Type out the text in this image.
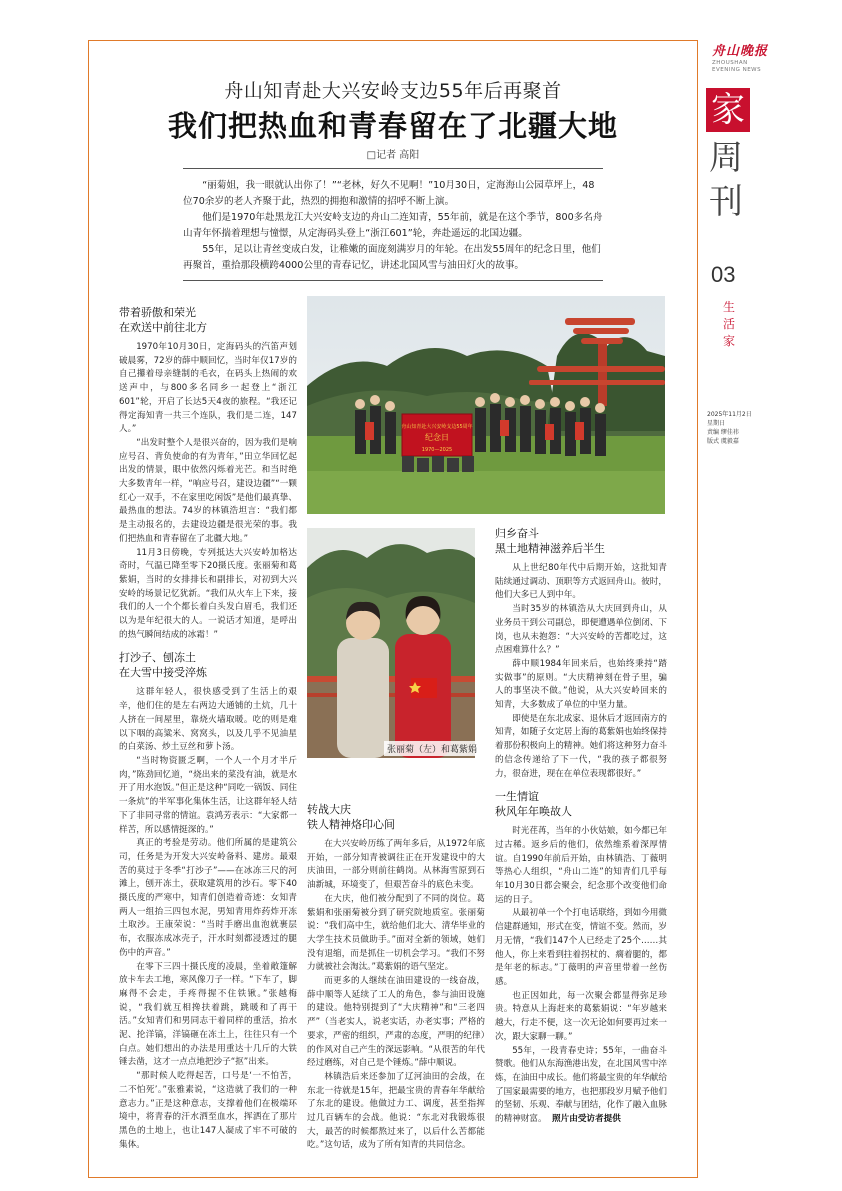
舟山晚报
ZHOUSHAN
EVENING NEWS
家
周
刊
03
生
活
家
2025年11月2日
星期日
责编 缪佳祎
版式 虞毅嘉
舟山知青赴大兴安岭支边55年后再聚首
我们把热血和青春留在了北疆大地
□记者 高阳

“丽菊姐，我一眼就认出你了！”“老林，好久不见啊！”10月30日，定海海山公园草坪上，48位70余岁的老人齐聚于此，热烈的拥抱和激情的招呼不断上演。

他们是1970年赴黑龙江大兴安岭支边的舟山二连知青，55年前，就是在这个季节，800多名舟山青年怀揣着理想与憧憬，从定海码头登上“浙江601”轮，奔赴遥远的北国边疆。

55年，足以让青丝变成白发，让稚嫩的面庞刻满岁月的年轮。在出发55周年的纪念日里，他们再聚首，重拾那段横跨4000公里的青春记忆，讲述北国风雪与油田灯火的故事。

带着骄傲和荣光
在欢送中前往北方

1970年10月30日，定海码头的汽笛声划破晨雾，72岁的薛中顺回忆，当时年仅17岁的自己攥着母亲缝制的毛衣，在码头上热闹的欢送声中，与800多名同乡一起登上“浙江601”轮，开启了长达5天4夜的旅程。“我还记得定海知青一共三个连队，我们是二连，147人。”

“出发时整个人是很兴奋的，因为我们是响应号召、背负使命的有为青年，”田立华回忆起出发的情景，眼中依然闪烁着光芒。和当时绝大多数青年一样，“响应号召，建设边疆”“一颗红心一双手，不在家里吃闲饭”是他们最真挚、最热血的想法。74岁的林镇浩坦言：“我们都是主动报名的，去建设边疆是很光荣的事。我们把热血和青春留在了北疆大地。”

11月3日傍晚，专列抵达大兴安岭加格达奇时，气温已降至零下20摄氏度。张丽菊和葛紫娟，当时的女排排长和副排长，对初到大兴安岭的场景记忆犹新。“我们从火车上下来，接我们的人一个个都长着白头发白眉毛，我们还以为是年纪很大的人。一说话才知道，是呼出的热气瞬间结成的冰霜！”

打沙子、刨冻土
在大雪中接受淬炼

这群年轻人，很快感受到了生活上的艰辛，他们住的是左右两边大通铺的土炕，几十人挤在一间屋里，靠烧火墙取暖。吃的则是难以下咽的高粱米、窝窝头，以及几乎不见油星的白菜汤、炒土豆丝和萝卜汤。

“当时物资匮乏啊，一个人一个月才半斤肉，”陈劲回忆道，“烧出来的菜没有油，就是水开了用水泡饭。”但正是这种“同吃一锅饭、同住一条炕”的半军事化集体生活，让这群年轻人结下了非同寻常的情谊。袁鸿芳表示：“大家都一样苦，所以感情挺深的。”

真正的考验是劳动。他们所属的是建筑公司，任务是为开发大兴安岭备料、建房。最艰苦的莫过于冬季“打沙子”——在冰冻三尺的河滩上，刨开冻土，获取建筑用的沙石。零下40摄氏度的严寒中，知青们创造着奇迹：女知青两人一组抬三四包水泥，男知青用炸药炸开冻土取沙。王康荣说：“当时手磨出血泡就裹层布，衣服冻成冰壳子，汗水时刻都浸透过的腿伤中的声音。”

在零下三四十摄氏度的凌晨，坐着敞篷解放卡车去工地，寒风像刀子一样。“下车了，脚麻得不会走，手疼得握不住铁锹。”张越梅说，“我们就互相搀扶着跳，跳暖和了再干活。”女知青们和男同志干着同样的重活，抬水泥、抡洋镐，洋镐砸在冻土上，往往只有一个白点。她们想出的办法是用重达十几斤的大铁锤去凿，这才一点点地把沙子“抠”出来。

“那时候人吃得起苦，口号是‘一不怕苦，二不怕死’。”张雅素说，“这造就了我们的一种意志力。”正是这种意志，支撑着他们在极端环境中，将青春的汗水洒至血水，挥洒在了那片黑色的土地上，也让147人凝成了牢不可破的集体。

舟山知青赴大兴安岭支边55周年
纪念日
1970—2025
张丽菊（左）和葛紫娟
转战大庆
铁人精神烙印心间

在大兴安岭历练了两年多后，从1972年底开始，一部分知青被调往正在开发建设中的大庆油田，一部分则前往鹤岗。从林海雪原到石油新城，环境变了，但艰苦奋斗的底色未变。

在大庆，他们被分配到了不同的岗位。葛紫娟和张丽菊被分到了研究院地质室。张丽菊说：“我们高中生，就给他们北大、清华毕业的大学生技术员做助手。”面对全新的领域，她们没有退缩，而是抓住一切机会学习。“我们不努力就被社会淘汰。”葛紫娟的语气坚定。

而更多的人继续在油田建设的一线奋战，薛中顺等人延续了工人的角色，参与油田设施的建设。他特别提到了“大庆精神”和“三老四严”（当老实人，说老实话，办老实事；严格的要求，严密的组织，严肃的态度，严明的纪律）的作风对自己产生的深远影响。“从很苦的年代经过磨练，对自己是个锤炼。”薛中顺说。

林镇浩后来还参加了辽河油田的会战，在东北一待就是15年，把最宝贵的青春年华献给了东北的建设。他做过力工、调度，甚至指挥过几百辆车的会战。他说：“东北对我锻炼很大，最苦的时候都熬过来了，以后什么苦都能吃。”这句话，成为了所有知青的共同信念。

归乡奋斗
黑土地精神滋养后半生

从上世纪80年代中后期开始，这批知青陆续通过调动、顶职等方式返回舟山。彼时，他们大多已人到中年。

当时35岁的林镇浩从大庆回到舟山，从业务员干到公司副总，即便遭遇单位倒闭、下岗，也从未抱怨：“大兴安岭的苦都吃过，这点困难算什么？”

薛中顺1984年回来后，也始终秉持“踏实做事”的原则。“大庆精神刻在骨子里，骗人的事坚决不做。”他说，从大兴安岭回来的知青，大多数成了单位的中坚力量。

即使是在东北成家、退休后才返回南方的知青，如随子女定居上海的葛紫娟也始终保持着那份积极向上的精神。她们将这种努力奋斗的信念传递给了下一代，“我的孩子都很努力，很奋进，现在在单位表现都很好。”

一生情谊
秋风年年唤故人

时光荏苒，当年的小伙姑娘，如今都已年过古稀。返乡后的他们，依然维系着深厚情谊。自1990年前后开始，由林镇浩、丁薇明等热心人组织，“舟山二连”的知青们几乎每年10月30日都会聚会，纪念那个改变他们命运的日子。

从最初单一个个打电话联络，到如今用微信建群通知，形式在变，情谊不变。然而，岁月无情，“我们147个人已经走了25个……其他人，你上来看到拄着拐杖的、瘸着腿的，都是年老的标志。”丁薇明的声音里带着一丝伤感。

也正因如此，每一次聚会都显得弥足珍贵。特意从上海赶来的葛紫娟说：“年岁越来越大，行走不便，这一次无论如何要再过来一次，跟大家聊一聊。”

55年，一段青春史诗；55年，一曲奋斗赞歌。他们从东海渔港出发，在北国风雪中淬炼，在油田中成长。他们将最宝贵的年华献给了国家最需要的地方，也把那段岁月赋予他们的坚韧、乐观、奉献与团结，化作了融入血脉的精神财富。 照片由受访者提供
